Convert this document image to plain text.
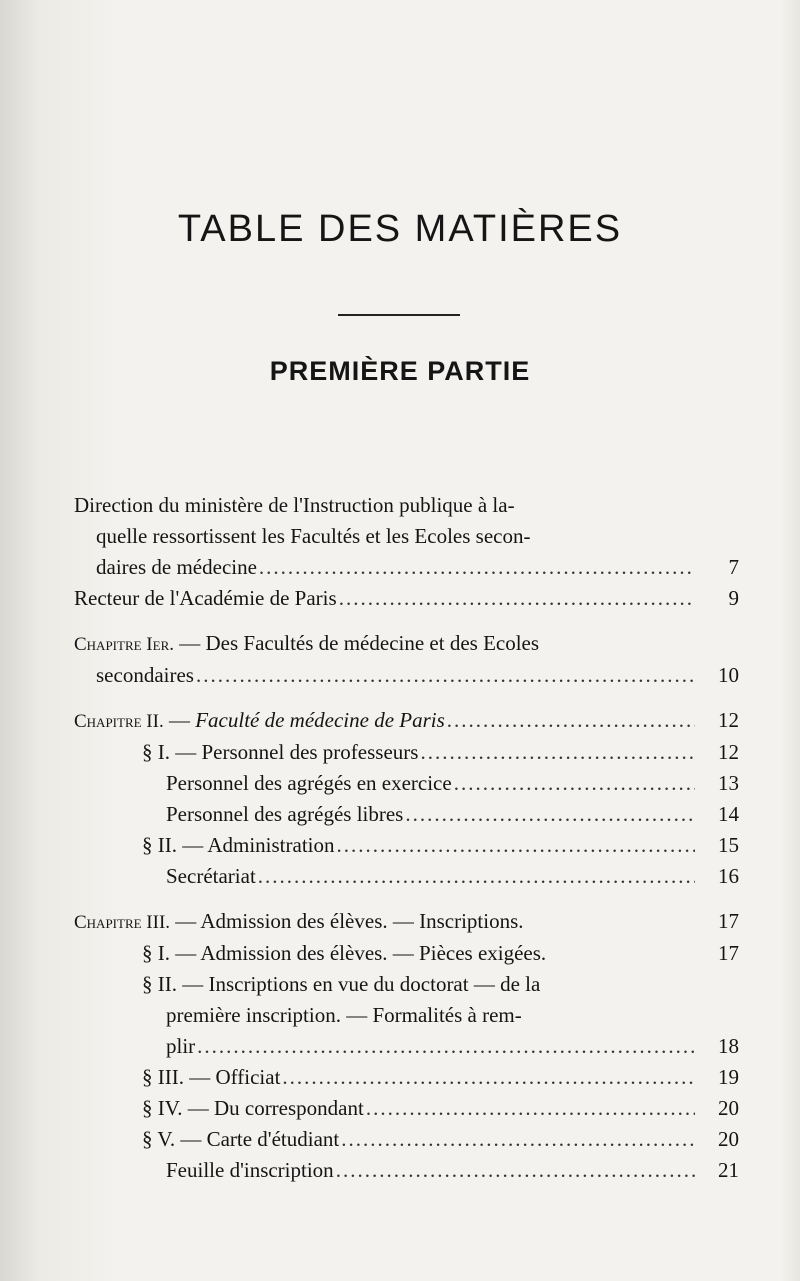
TABLE DES MATIÈRES
PREMIÈRE PARTIE
Direction du ministère de l'Instruction publique à la-
quelle ressortissent les Facultés et les Ecoles secon-
daires de médecine .....	7
Recteur de l'Académie de Paris .....	9
Chapitre Ier. — Des Facultés de médecine et des Ecoles
secondaires .....	10
Chapitre II. — Faculté de médecine de Paris .....	12
§ I. — Personnel des professeurs .....	12
Personnel des agrégés en exercice .....	13
Personnel des agrégés libres .....	14
§ II. — Administration .....	15
Secrétariat .....	16
Chapitre III. — Admission des élèves. — Inscriptions.	17
§ I. — Admission des élèves. — Pièces exigées.	17
§ II. — Inscriptions en vue du doctorat — de la
première inscription. — Formalités à rem-
plir .....	18
§ III. — Officiat .....	19
§ IV. — Du correspondant .....	20
§ V. — Carte d'étudiant .....	20
Feuille d'inscription .....	21
